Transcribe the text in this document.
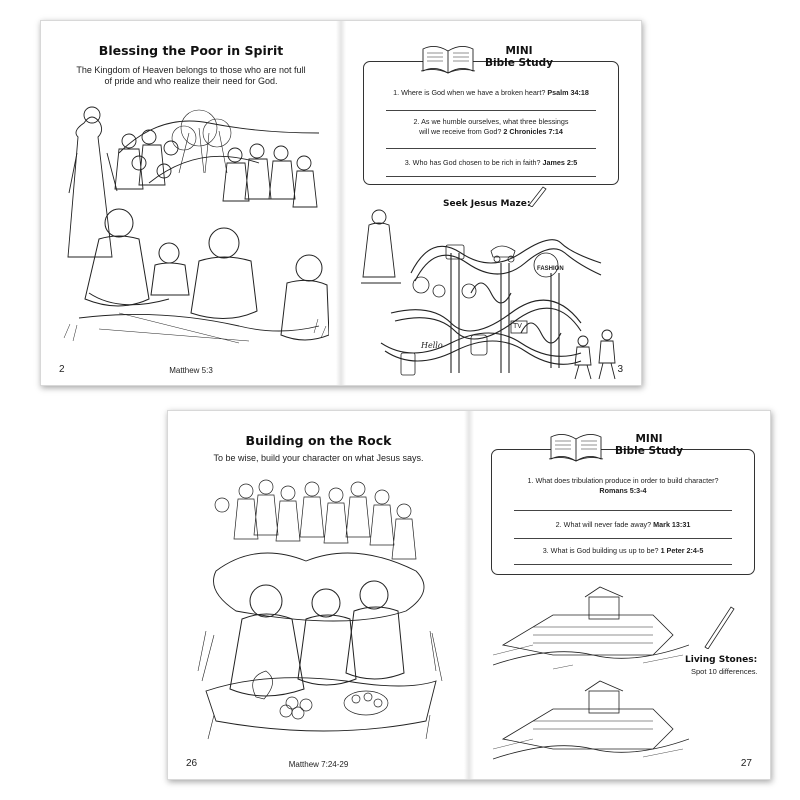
Blessing the Poor in Spirit
The Kingdom of Heaven belongs to those who are not full
of pride and who realize their need for God.
Matthew 5:3
2
1. Where is God when we have a broken heart? Psalm 34:18
2. As we humble ourselves, what three blessings
will we receive from God? 2 Chronicles 7:14
3. Who has God chosen to be rich in faith? James 2:5
MINI
Bible Study
Seek Jesus Maze:
FASHION
TV
Hello
3
Building on the Rock
To be wise, build your character on what Jesus says.
Matthew 7:24-29
26
1. What does tribulation produce in order to build character?
Romans 5:3-4
2. What will never fade away? Mark 13:31
3. What is God building us up to be? 1 Peter 2:4-5
MINI
Bible Study
Living Stones:
Spot 10 differences.
27
